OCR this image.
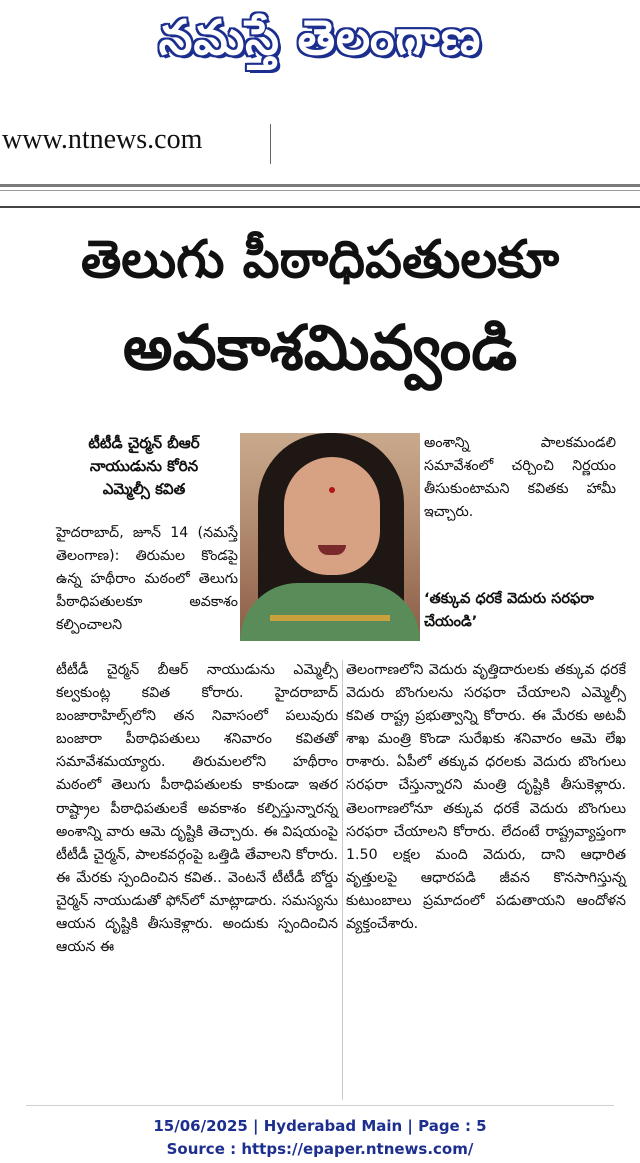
నమస్తే తెలంగాణ
www.ntnews.com
తెలుగు పీఠాధిపతులకూ
అవకాశమివ్వండి
టీటీడీ చైర్మన్ బీఆర్
నాయుడును కోరిన
ఎమ్మెల్సీ కవిత

హైదరాబాద్, జూన్ 14 (నమస్తే తెలంగాణ): తిరుమల కొండపై ఉన్న హథీరాం మఠంలో తెలుగు పీఠాధిపతులకూ అవకాశం కల్పించాలని

టీటీడీ చైర్మన్ బీఆర్ నాయుడును ఎమ్మెల్సీ కల్వకుంట్ల కవిత కోరారు. హైదరాబాద్ బంజారాహిల్స్‌లోని తన నివాసంలో పలువురు బంజారా పీఠాధిపతులు శనివారం కవితతో సమావేశమయ్యారు. తిరుమలలోని హథీరాం మఠంలో తెలుగు పీఠాధిపతులకు కాకుండా ఇతర రాష్ట్రాల పీఠాధిపతులకే అవకాశం కల్పిస్తున్నారన్న అంశాన్ని వారు ఆమె దృష్టికి తెచ్చారు. ఈ విషయంపై టీటీడీ చైర్మన్, పాలకవర్గంపై ఒత్తిడి తేవాలని కోరారు. ఈ మేరకు స్పందించిన కవిత.. వెంటనే టీటీడీ బోర్డు చైర్మన్ నాయుడుతో ఫోన్‌లో మాట్లాడారు. సమస్యను ఆయన దృష్టికి తీసుకెళ్లారు. అందుకు స్పందించిన ఆయన ఈ

అంశాన్ని పాలకమండలి సమావేశంలో చర్చించి నిర్ణయం తీసుకుంటామని కవితకు హామీ ఇచ్చారు.

‘తక్కువ ధరకే వెదురు సరఫరా చేయండి’

తెలంగాణలోని వెదురు వృత్తిదారులకు తక్కువ ధరకే వెదురు బొంగులను సరఫరా చేయాలని ఎమ్మెల్సీ కవిత రాష్ట్ర ప్రభుత్వాన్ని కోరారు. ఈ మేరకు అటవీ శాఖ మంత్రి కొండా సురేఖకు శనివారం ఆమె లేఖ రాశారు. ఏపీలో తక్కువ ధరలకు వెదురు బొంగులు సరఫరా చేస్తున్నారని మంత్రి దృష్టికి తీసుకెళ్లారు. తెలంగాణలోనూ తక్కువ ధరకే వెదురు బొంగులు సరఫరా చేయాలని కోరారు. లేదంటే రాష్ట్రవ్యాప్తంగా 1.50 లక్షల మంది వెదురు, దాని ఆధారిత వృత్తులపై ఆధారపడి జీవన కొనసాగిస్తున్న కుటుంబాలు ప్రమాదంలో పడుతాయని ఆందోళన వ్యక్తంచేశారు.

15/06/2025 | Hyderabad Main | Page : 5
Source : https://epaper.ntnews.com/
